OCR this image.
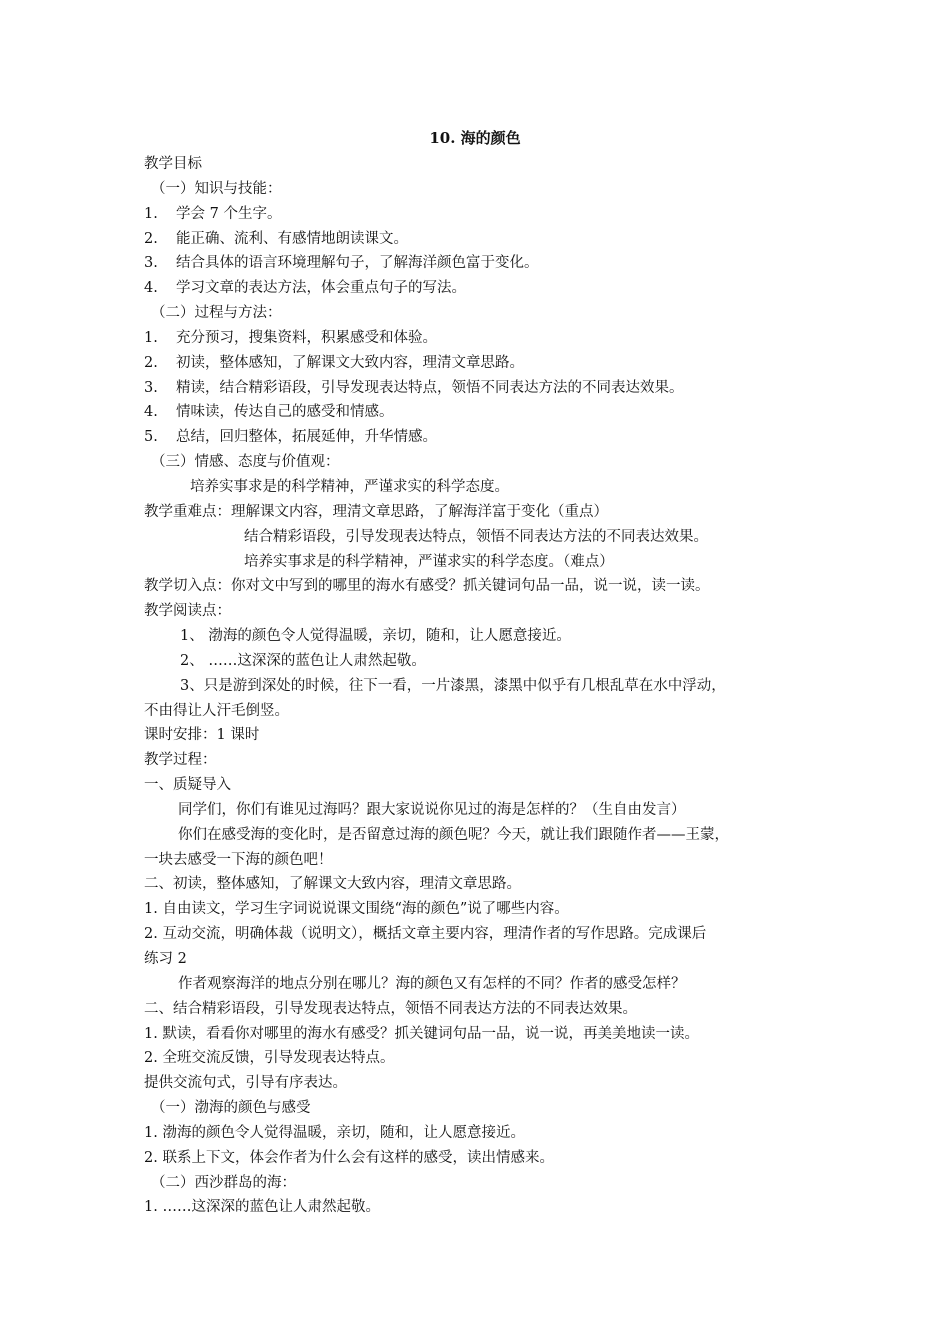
10. 海的颜色
教学目标
（一）知识与技能：
1. 学会 7 个生字。
2. 能正确、流利、有感情地朗读课文。
3. 结合具体的语言环境理解句子，了解海洋颜色富于变化。
4. 学习文章的表达方法，体会重点句子的写法。
（二）过程与方法：
1. 充分预习，搜集资料，积累感受和体验。
2. 初读，整体感知，了解课文大致内容，理清文章思路。
3. 精读，结合精彩语段，引导发现表达特点，领悟不同表达方法的不同表达效果。
4. 情味读，传达自己的感受和情感。
5. 总结，回归整体，拓展延伸，升华情感。
（三）情感、态度与价值观：
培养实事求是的科学精神，严谨求实的科学态度。
教学重难点：理解课文内容，理清文章思路，了解海洋富于变化（重点）
结合精彩语段，引导发现表达特点，领悟不同表达方法的不同表达效果。
培养实事求是的科学精神，严谨求实的科学态度。（难点）
教学切入点：你对文中写到的哪里的海水有感受？抓关键词句品一品，说一说，读一读。
教学阅读点：
1、 渤海的颜色令人觉得温暖，亲切，随和，让人愿意接近。
2、 ……这深深的蓝色让人肃然起敬。
3、只是游到深处的时候，往下一看，一片漆黑，漆黑中似乎有几根乱草在水中浮动，
不由得让人汗毛倒竖。
课时安排：1 课时
教学过程：
一、质疑导入
同学们，你们有谁见过海吗？跟大家说说你见过的海是怎样的？（生自由发言）
你们在感受海的变化时，是否留意过海的颜色呢？今天，就让我们跟随作者——王蒙，
一块去感受一下海的颜色吧！
二、初读，整体感知，了解课文大致内容，理清文章思路。
1. 自由读文，学习生字词说说课文围绕“海的颜色”说了哪些内容。
2. 互动交流，明确体裁（说明文），概括文章主要内容，理清作者的写作思路。完成课后
练习 2
作者观察海洋的地点分别在哪儿？海的颜色又有怎样的不同？作者的感受怎样？
二、结合精彩语段，引导发现表达特点，领悟不同表达方法的不同表达效果。
1. 默读，看看你对哪里的海水有感受？抓关键词句品一品，说一说，再美美地读一读。
2. 全班交流反馈，引导发现表达特点。
提供交流句式，引导有序表达。
（一）渤海的颜色与感受
1. 渤海的颜色令人觉得温暖，亲切，随和，让人愿意接近。
2. 联系上下文，体会作者为什么会有这样的感受，读出情感来。
（二）西沙群岛的海：
1. ……这深深的蓝色让人肃然起敬。
